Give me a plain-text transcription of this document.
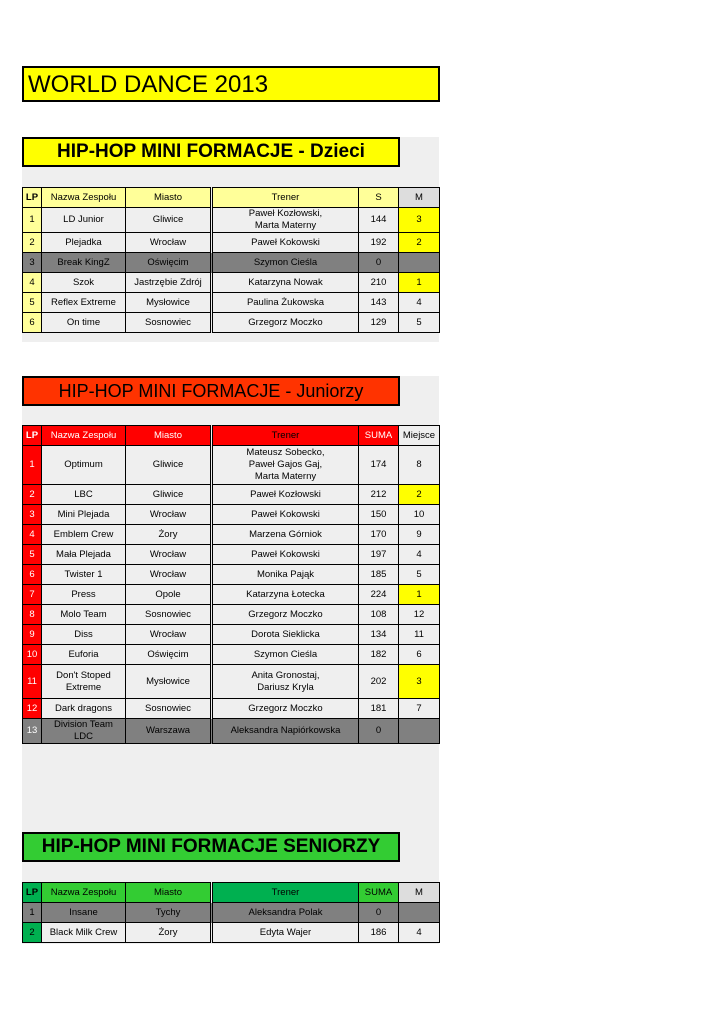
WORLD DANCE 2013
HIP-HOP MINI FORMACJE - Dzieci
LP	Nazwa Zespołu	Miasto		Trener	S	M
1	LD Junior	Gliwice		Paweł Kozłowski,
Marta Materny	144	3
2	Plejadka	Wrocław		Paweł Kokowski	192	2
3	Break KingZ	Oświęcim		Szymon Cieśla	0	
4	Szok	Jastrzębie Zdrój		Katarzyna Nowak	210	1
5	Reflex Extreme	Mysłowice		Paulina Żukowska	143	4
6	On time	Sosnowiec		Grzegorz Moczko	129	5
HIP-HOP MINI FORMACJE - Juniorzy
LP	Nazwa Zespołu	Miasto		Trener	SUMA	Miejsce
1	Optimum	Gliwice		Mateusz Sobecko,
Paweł Gajos Gaj,
Marta Materny	174	8
2	LBC	Gliwice		Paweł Kozłowski	212	2
3	Mini Plejada	Wrocław		Paweł Kokowski	150	10
4	Emblem Crew	Żory		Marzena Górniok	170	9
5	Mała Plejada	Wrocław		Paweł Kokowski	197	4
6	Twister 1	Wrocław		Monika Pająk	185	5
7	Press	Opole		Katarzyna Łotecka	224	1
8	Molo Team	Sosnowiec		Grzegorz Moczko	108	12
9	Diss	Wrocław		Dorota Sieklicka	134	11
10	Euforia	Oświęcim		Szymon Cieśla	182	6
11	Don't Stoped
Extreme	Mysłowice		Anita Gronostaj,
Dariusz Kryla	202	3
12	Dark dragons	Sosnowiec		Grzegorz Moczko	181	7
13	Division Team
LDC	Warszawa		Aleksandra Napiórkowska	0	
HIP-HOP MINI FORMACJE SENIORZY
LP	Nazwa Zespołu	Miasto		Trener	SUMA	M
1	Insane	Tychy		Aleksandra Polak	0	
2	Black Milk Crew	Żory		Edyta Wajer	186	4
